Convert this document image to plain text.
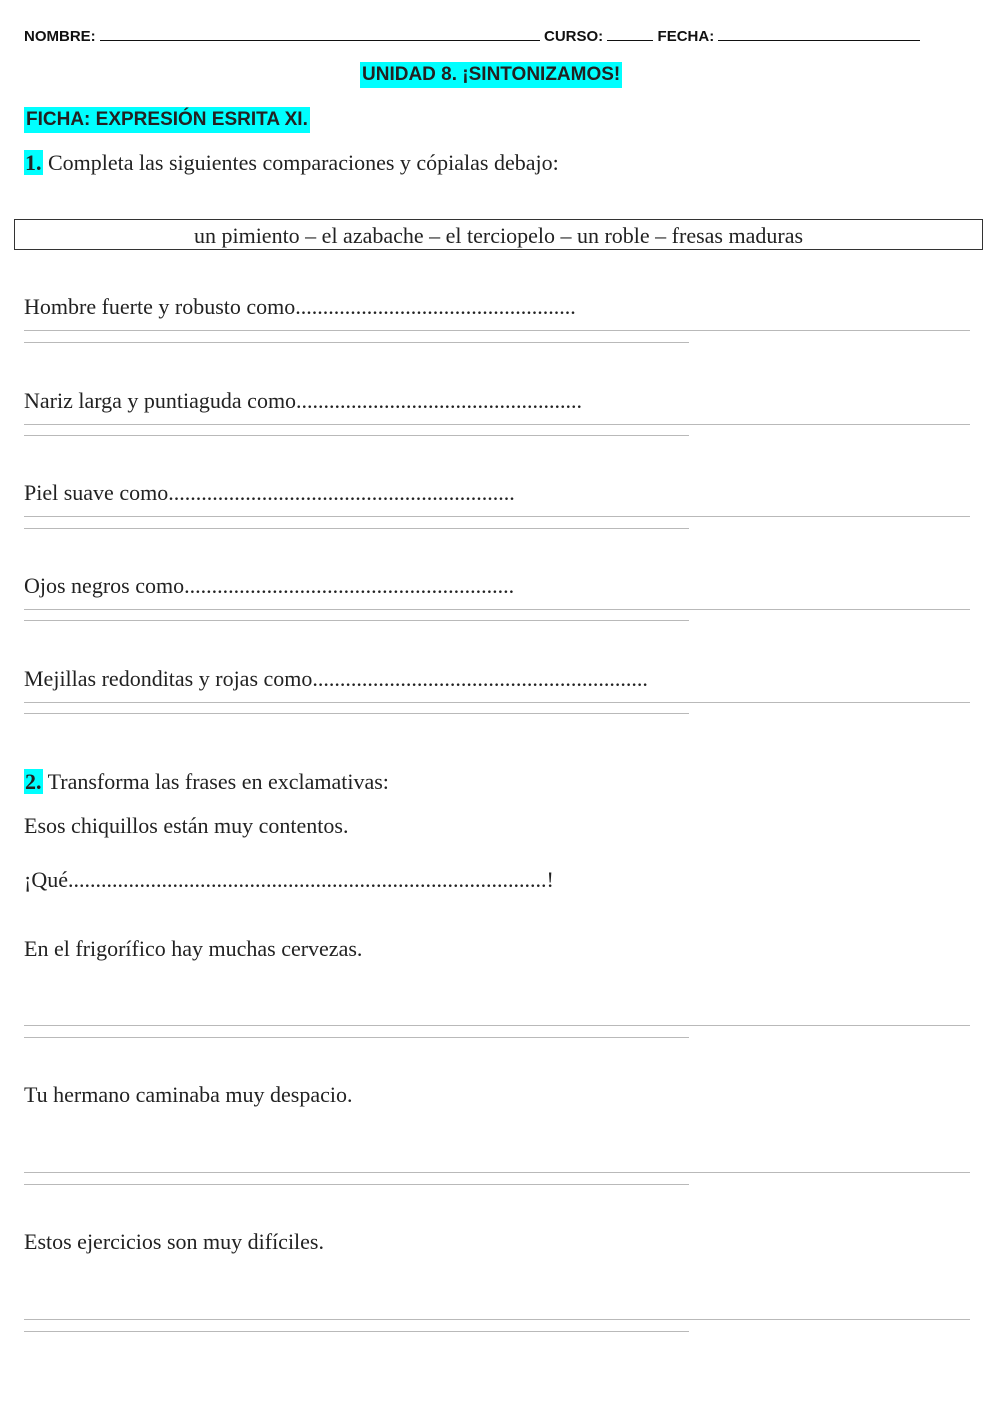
NOMBRE:	CURSO:	FECHA:
UNIDAD 8. ¡SINTONIZAMOS!
FICHA: EXPRESIÓN ESRITA XI.
1. Completa las siguientes comparaciones y cópialas debajo:
un pimiento – el azabache – el terciopelo – un roble – fresas maduras
Hombre fuerte y robusto como...................................................
Nariz larga y puntiaguda como....................................................
Piel suave como...............................................................
Ojos negros como............................................................
Mejillas redonditas y rojas como.............................................................
2. Transforma las frases en exclamativas:
Esos chiquillos están muy contentos.
¡Qué.......................................................................................!
En el frigorífico hay muchas cervezas.
Tu hermano caminaba muy despacio.
Estos ejercicios son muy difíciles.
